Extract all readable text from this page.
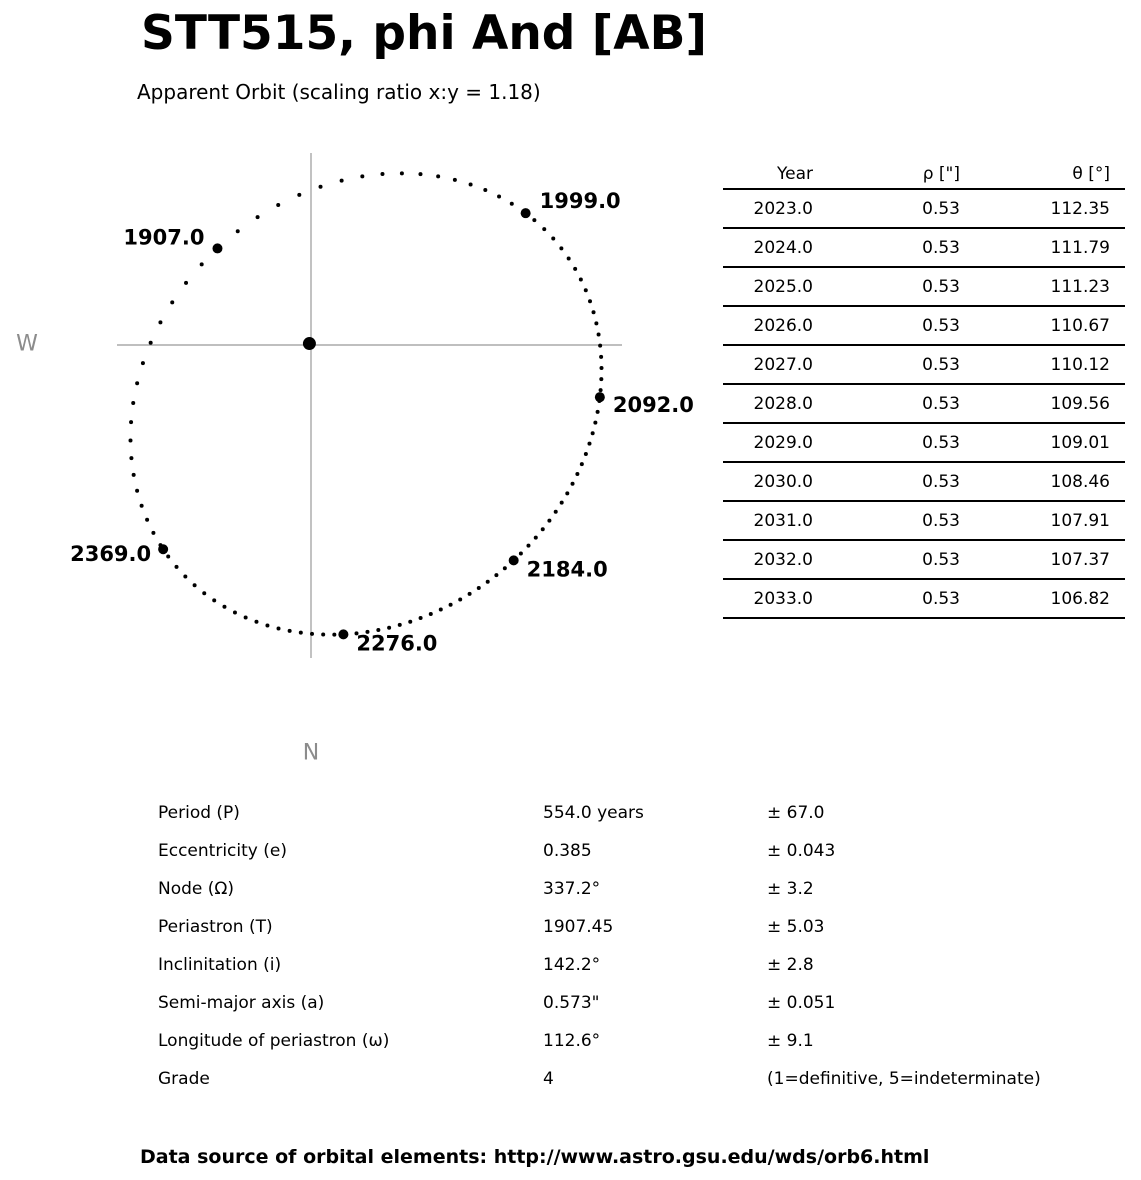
1907.0
1999.0
2092.0
2184.0
2276.0
2369.0
W
N
STT515, phi And [AB]
Apparent Orbit (scaling ratio x:y = 1.18)
Year	ρ ["]	θ [°]
2023.0	0.53	112.35
2024.0	0.53	111.79
2025.0	0.53	111.23
2026.0	0.53	110.67
2027.0	0.53	110.12
2028.0	0.53	109.56
2029.0	0.53	109.01
2030.0	0.53	108.46
2031.0	0.53	107.91
2032.0	0.53	107.37
2033.0	0.53	106.82
Period (P)	554.0 years	± 67.0
Eccentricity (e)	0.385	± 0.043
Node (Ω)	337.2°	± 3.2
Periastron (T)	1907.45	± 5.03
Inclinitation (i)	142.2°	± 2.8
Semi-major axis (a)	0.573"	± 0.051
Longitude of periastron (ω)	112.6°	± 9.1
Grade	4	(1=definitive, 5=indeterminate)
Data source of orbital elements: http://www.astro.gsu.edu/wds/orb6.html
